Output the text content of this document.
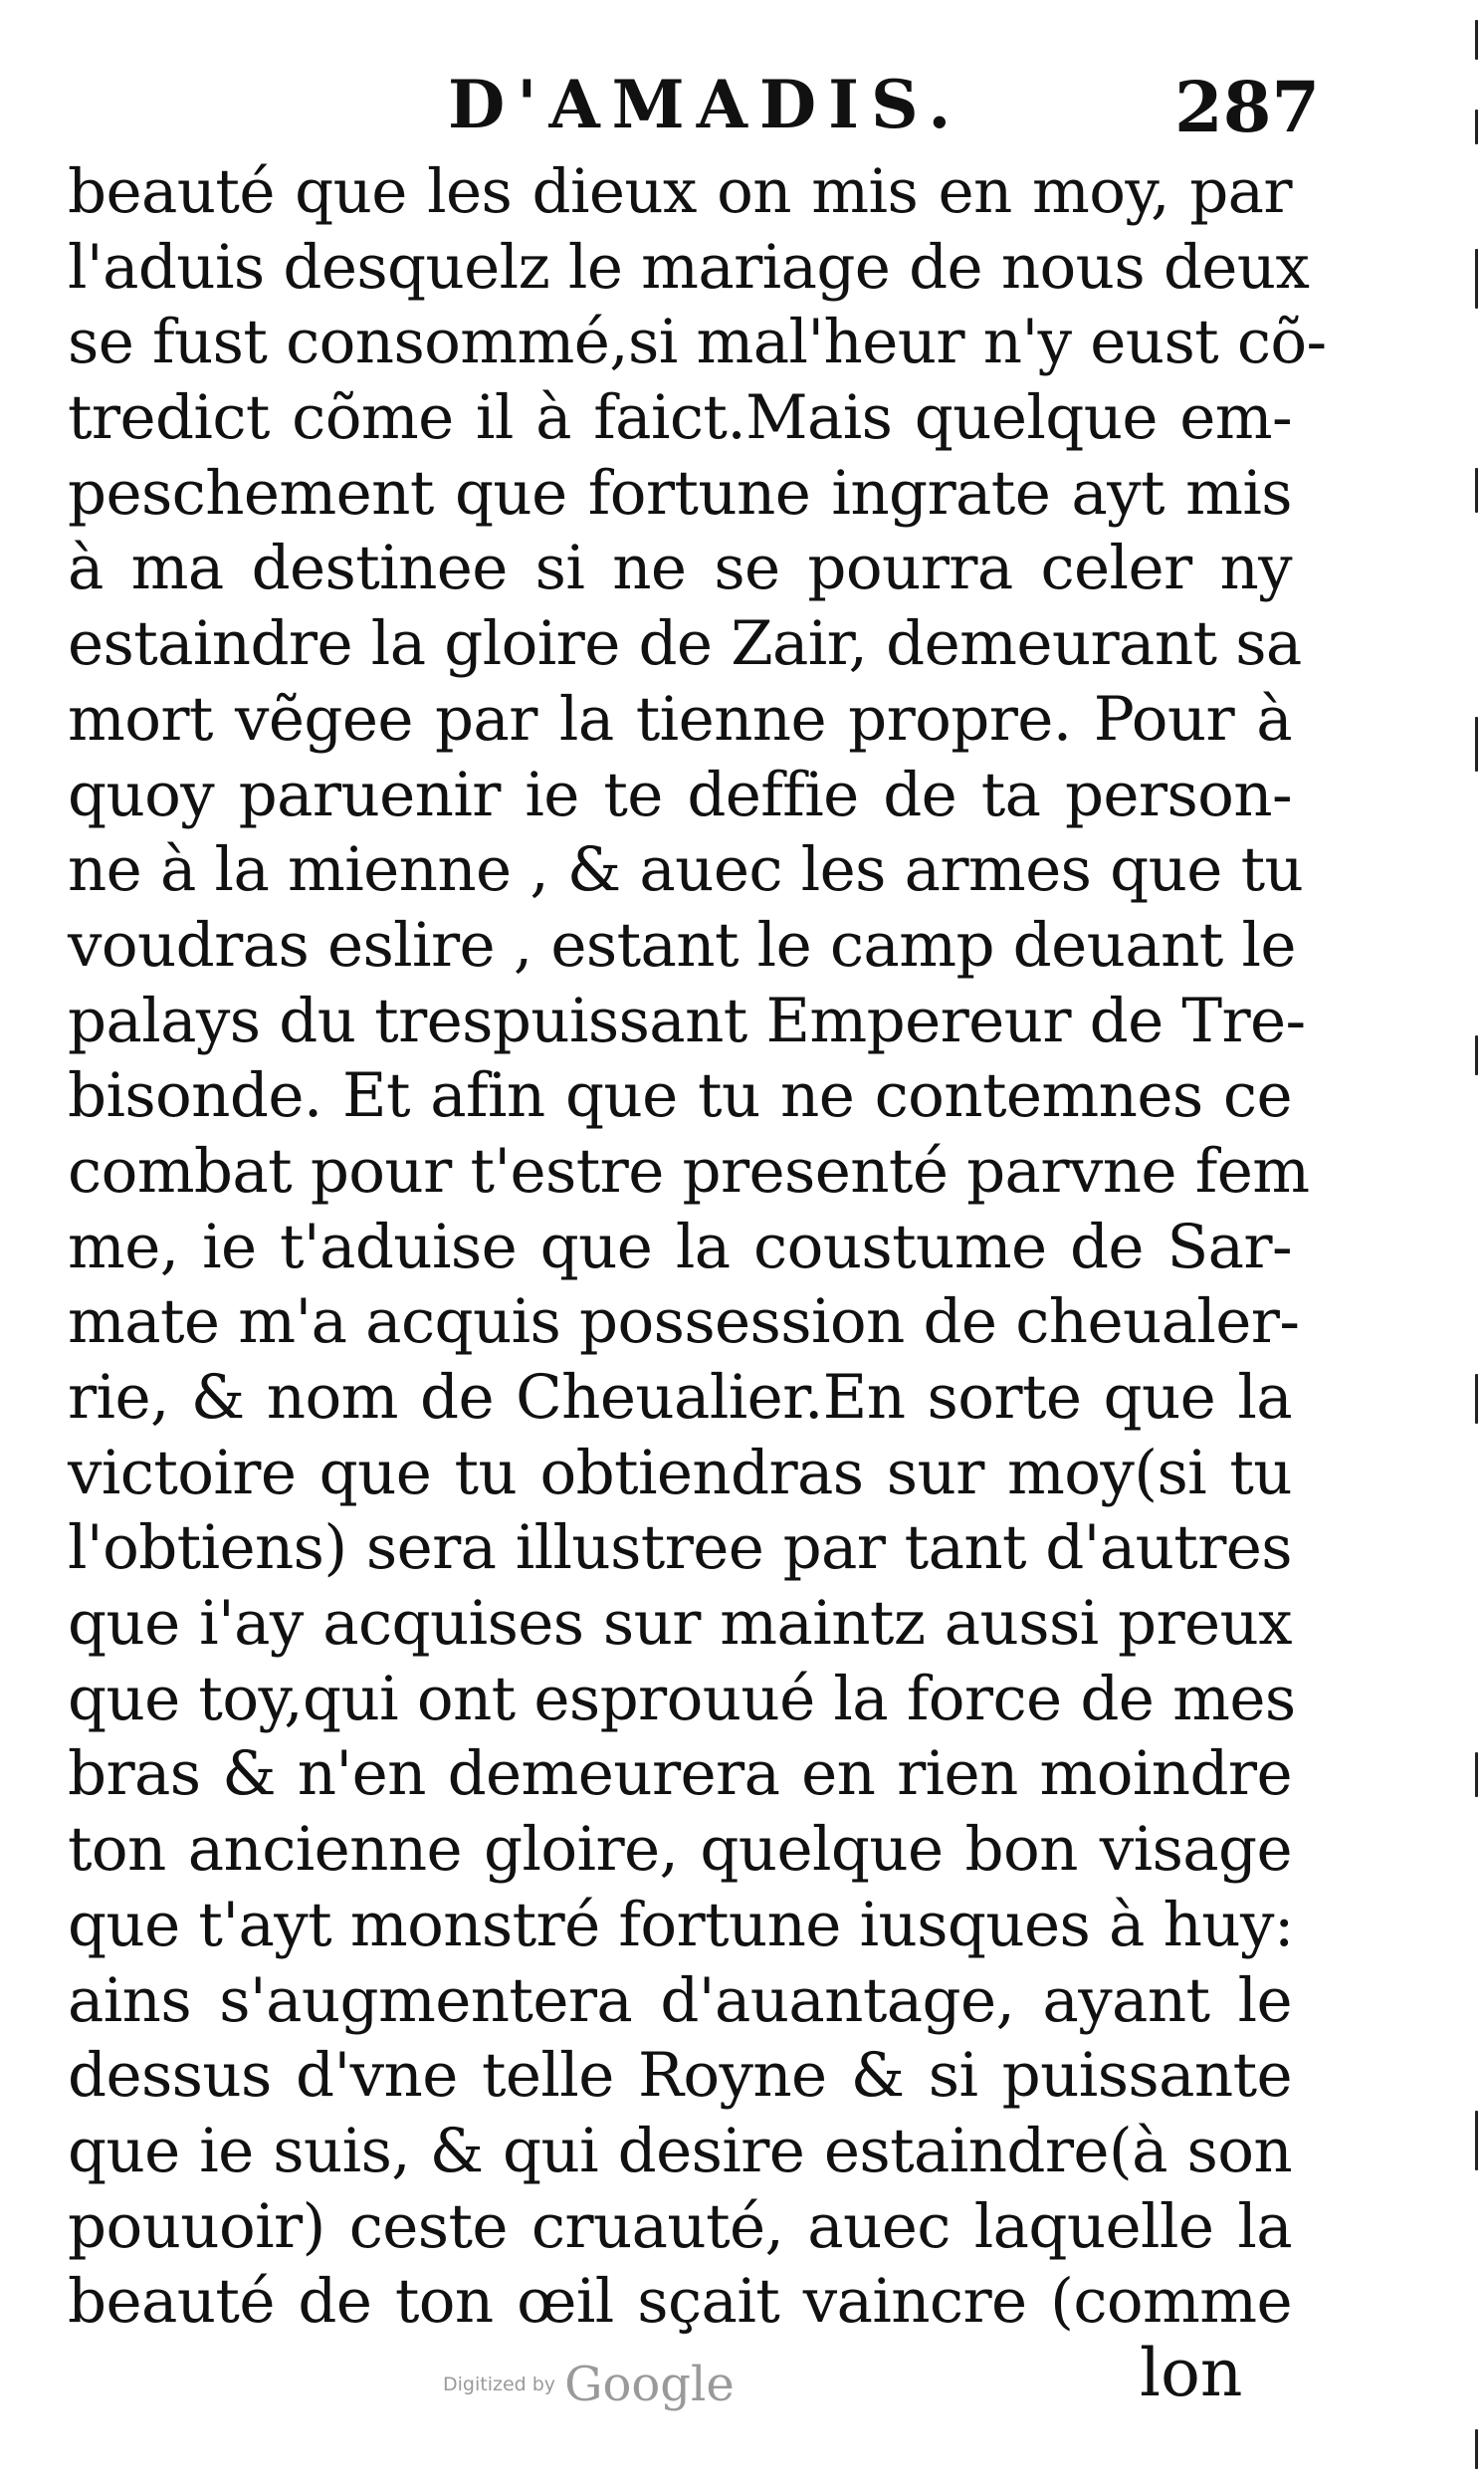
D'AMADIS.	287
beauté que les dieux on mis en moy, par
l'aduis desquelz le mariage de nous deux
se fust consommé,si mal'heur n'y eust cõ-
tredict cõme il à faict.Mais quelque em-
peschement que fortune ingrate ayt mis
à ma destinee si ne se pourra celer ny
estaindre la gloire de Zair, demeurant sa
mort vẽgee par la tienne propre. Pour à
quoy paruenir ie te deffie de ta person-
ne à la mienne , & auec les armes que tu
voudras eslire , estant le camp deuant le
palays du trespuissant Empereur de Tre-
bisonde. Et afin que tu ne contemnes ce
combat pour t'estre presenté parvne fem
me, ie t'aduise que la coustume de Sar-
mate m'a acquis possession de cheualer-
rie, & nom de Cheualier.En sorte que la
victoire que tu obtiendras sur moy(si tu
l'obtiens) sera illustree par tant d'autres
que i'ay acquises sur maintz aussi preux
que toy,qui ont esprouué la force de mes
bras & n'en demeurera en rien moindre
ton ancienne gloire, quelque bon visage
que t'ayt monstré fortune iusques à huy:
ains s'augmentera d'auantage, ayant le
dessus d'vne telle Royne & si puissante
que ie suis, & qui desire estaindre(à son
pouuoir) ceste cruauté, auec laquelle la
beauté de ton œil sçait vaincre (comme
Digitized by Google	lon
